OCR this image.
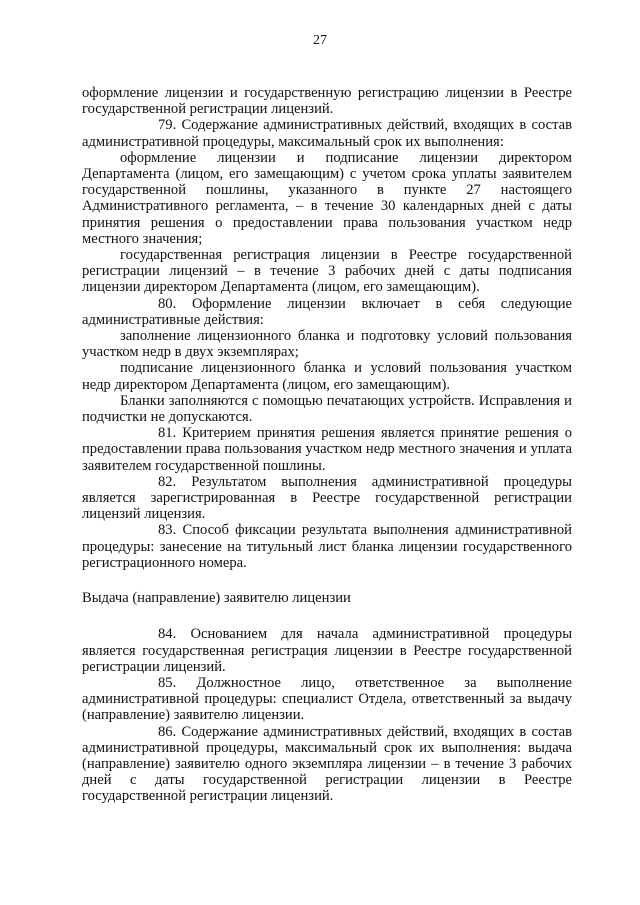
27

оформление лицензии и государственную регистрацию лицензии в Реестре государственной регистрации лицензий.

79. Содержание административных действий, входящих в состав административной процедуры, максимальный срок их выполнения:

оформление лицензии и подписание лицензии директором Департамента (лицом, его замещающим) с учетом срока уплаты заявителем государственной пошлины, указанного в пункте 27 настоящего Административного регламента, – в течение 30 календарных дней с даты принятия решения о предоставлении права пользования участком недр местного значения;

государственная регистрация лицензии в Реестре государственной регистрации лицензий – в течение 3 рабочих дней с даты подписания лицензии директором Департамента (лицом, его замещающим).

80. Оформление лицензии включает в себя следующие административные действия:

заполнение лицензионного бланка и подготовку условий пользования участком недр в двух экземплярах;

подписание лицензионного бланка и условий пользования участком недр директором Департамента (лицом, его замещающим).

Бланки заполняются с помощью печатающих устройств. Исправления и подчистки не допускаются.

81. Критерием принятия решения является принятие решения о предоставлении права пользования участком недр местного значения и уплата заявителем государственной пошлины.

82. Результатом выполнения административной процедуры является зарегистрированная в Реестре государственной регистрации лицензий лицензия.

83. Способ фиксации результата выполнения административной процедуры: занесение на титульный лист бланка лицензии государственного регистрационного номера.

Выдача (направление) заявителю лицензии

84. Основанием для начала административной процедуры является государственная регистрация лицензии в Реестре государственной регистрации лицензий.

85. Должностное лицо, ответственное за выполнение административной процедуры: специалист Отдела, ответственный за выдачу (направление) заявителю лицензии.

86. Содержание административных действий, входящих в состав административной процедуры, максимальный срок их выполнения: выдача (направление) заявителю одного экземпляра лицензии – в течение 3 рабочих дней с даты государственной регистрации лицензии в Реестре государственной регистрации лицензий.
